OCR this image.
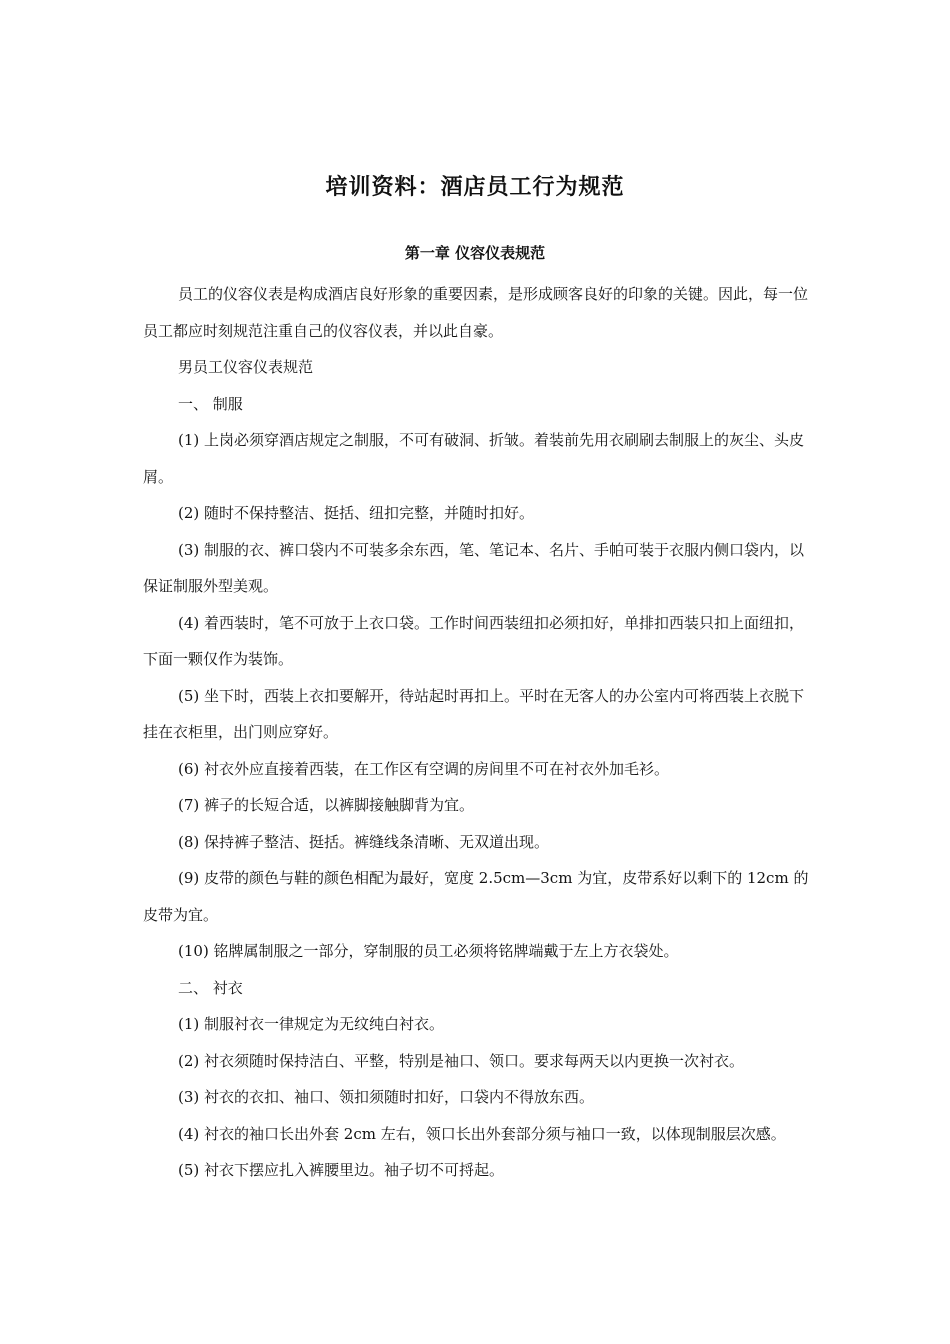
培训资料：酒店员工行为规范
第一章 仪容仪表规范

员工的仪容仪表是构成酒店良好形象的重要因素，是形成顾客良好的印象的关键。因此，每一位员工都应时刻规范注重自己的仪容仪表，并以此自豪。

男员工仪容仪表规范

一、 制服

(1) 上岗必须穿酒店规定之制服，不可有破洞、折皱。着装前先用衣刷刷去制服上的灰尘、头皮屑。

(2) 随时不保持整洁、挺括、纽扣完整，并随时扣好。

(3) 制服的衣、裤口袋内不可装多余东西，笔、笔记本、名片、手帕可装于衣服内侧口袋内，以保证制服外型美观。

(4) 着西装时，笔不可放于上衣口袋。工作时间西装纽扣必须扣好，单排扣西装只扣上面纽扣，下面一颗仅作为装饰。

(5) 坐下时，西装上衣扣要解开，待站起时再扣上。平时在无客人的办公室内可将西装上衣脱下挂在衣柜里，出门则应穿好。

(6) 衬衣外应直接着西装，在工作区有空调的房间里不可在衬衣外加毛衫。

(7) 裤子的长短合适，以裤脚接触脚背为宜。

(8) 保持裤子整洁、挺括。裤缝线条清晰、无双道出现。

(9) 皮带的颜色与鞋的颜色相配为最好，宽度 2.5cm—3cm 为宜，皮带系好以剩下的 12cm 的皮带为宜。

(10) 铭牌属制服之一部分，穿制服的员工必须将铭牌端戴于左上方衣袋处。

二、 衬衣

(1) 制服衬衣一律规定为无纹纯白衬衣。

(2) 衬衣须随时保持洁白、平整，特别是袖口、领口。要求每两天以内更换一次衬衣。

(3) 衬衣的衣扣、袖口、领扣须随时扣好，口袋内不得放东西。

(4) 衬衣的袖口长出外套 2cm 左右，领口长出外套部分须与袖口一致，以体现制服层次感。

(5) 衬衣下摆应扎入裤腰里边。袖子切不可捋起。
